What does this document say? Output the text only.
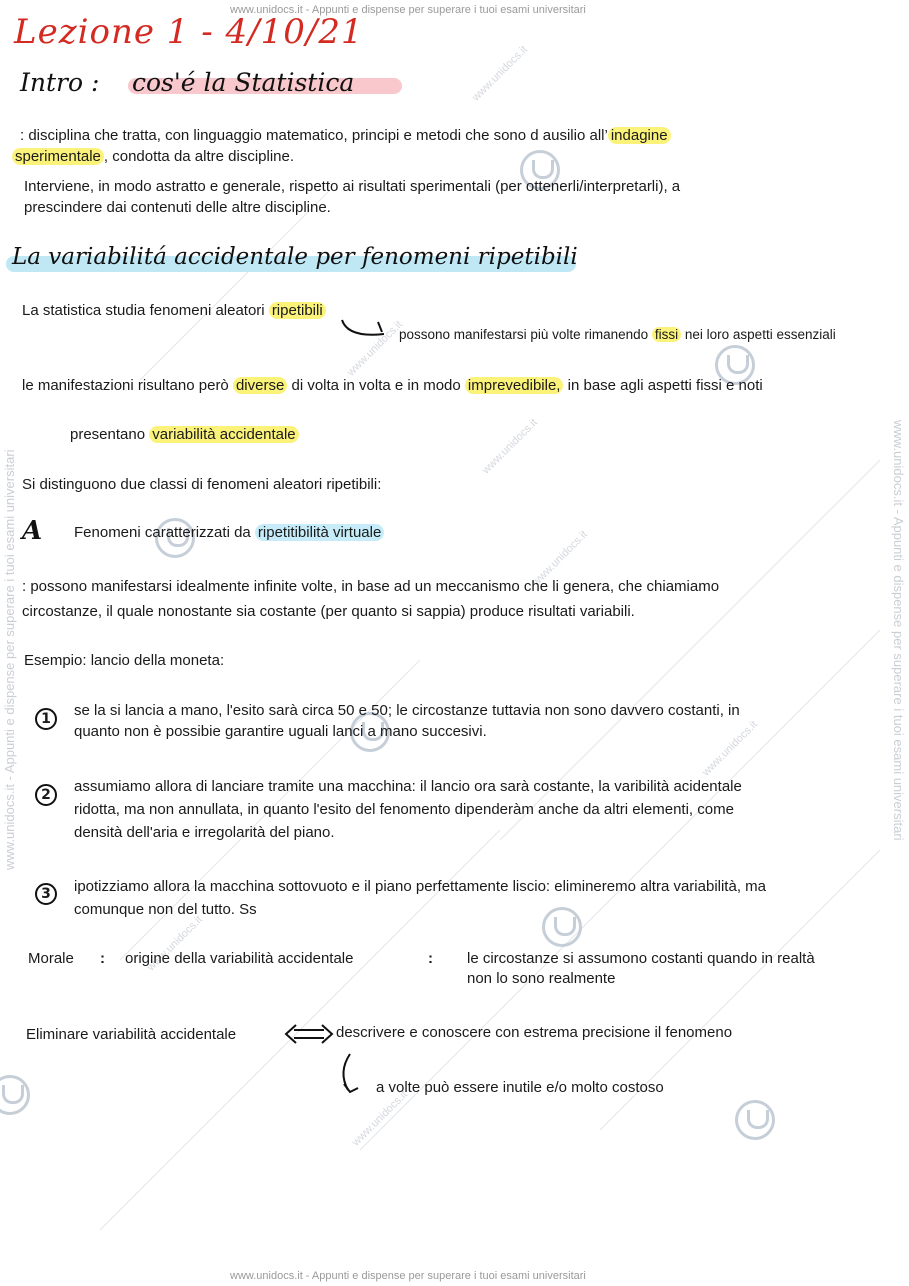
www.unidocs.it - Appunti e dispense per superare i tuoi esami universitari
www.unidocs.it - Appunti e dispense per superare i tuoi esami universitari
www.unidocs.it - Appunti e dispense per superare i tuoi esami universitari	www.unidocs.it - Appunti e dispense per superare i tuoi esami universitari
www.unidocs.it
www.unidocs.it
www.unidocs.it
www.unidocs.it
www.unidocs.it
www.unidocs.it
www.unidocs.it
Lezione 1 - 4/10/21
Intro : cos'é la Statistica
: disciplina che tratta, con linguaggio matematico, principi e metodi che sono d ausilio all’ indagine
sperimentale , condotta da altre discipline.
Interviene, in modo astratto e generale, rispetto ai risultati sperimentali (per ottenerli/interpretarli), a
prescindere dai contenuti delle altre discipline.
La variabilitá accidentale per fenomeni ripetibili
La statistica studia fenomeni aleatori ripetibili
possono manifestarsi più volte rimanendo fissi nei loro aspetti essenziali
le manifestazioni risultano però diverse di volta in volta e in modo imprevedibile, in base agli aspetti fissi e noti
presentano variabilità accidentale
Si distinguono due classi di fenomeni aleatori ripetibili:
A Fenomeni caratterizzati da ripetitibilità virtuale
: possono manifestarsi idealmente infinite volte, in base ad un meccanismo che li genera, che chiamiamo
circostanze, il quale nonostante sia costante (per quanto si sappia) produce risultati variabili.
Esempio: lancio della moneta:
1	se la si lancia a mano, l'esito sarà circa 50 e 50; le circostanze tuttavia non sono davvero costanti, in
quanto non è possibie garantire uguali lanci a mano succesivi.
2	assumiamo allora di lanciare tramite una macchina: il lancio ora sarà costante, la varibilità acidentale
ridotta, ma non annullata, in quanto l'esito del fenomento dipenderàm anche da altri elementi, come
densità dell'aria e irregolarità del piano.
3	ipotizziamo allora la macchina sottovuoto e il piano perfettamente liscio: elimineremo altra variabilità, ma
comunque non del tutto. Ss
Morale : origine della variabilità accidentale	: le circostanze si assumono costanti quando in realtà
non lo sono realmente
Eliminare variabilità accidentale	descrivere e conoscere con estrema precisione il fenomeno
a volte può essere inutile e/o molto costoso
